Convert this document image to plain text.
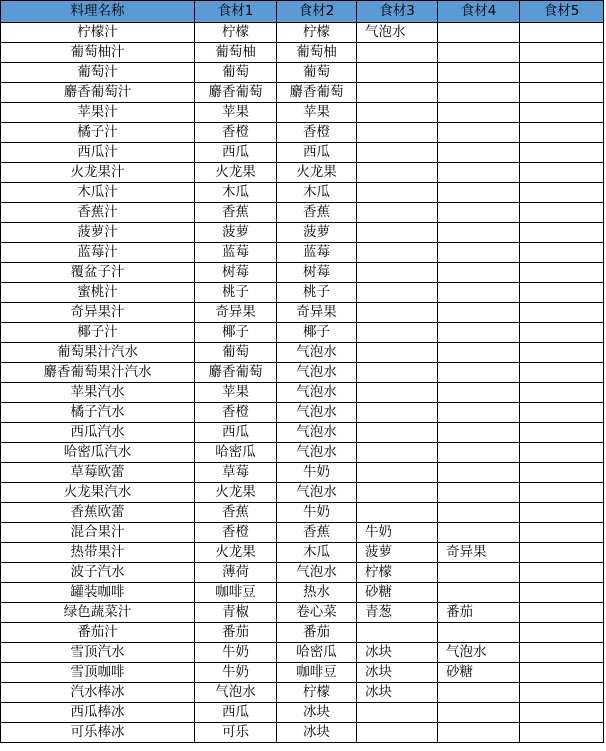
料理名称	食材1	食材2	食材3	食材4	食材5
柠檬汁	柠檬	柠檬	气泡水		
葡萄柚汁	葡萄柚	葡萄柚			
葡萄汁	葡萄	葡萄			
麝香葡萄汁	麝香葡萄	麝香葡萄			
苹果汁	苹果	苹果			
橘子汁	香橙	香橙			
西瓜汁	西瓜	西瓜			
火龙果汁	火龙果	火龙果			
木瓜汁	木瓜	木瓜			
香蕉汁	香蕉	香蕉			
菠萝汁	菠萝	菠萝			
蓝莓汁	蓝莓	蓝莓			
覆盆子汁	树莓	树莓			
蜜桃汁	桃子	桃子			
奇异果汁	奇异果	奇异果			
椰子汁	椰子	椰子			
葡萄果汁汽水	葡萄	气泡水			
麝香葡萄果汁汽水	麝香葡萄	气泡水			
苹果汽水	苹果	气泡水			
橘子汽水	香橙	气泡水			
西瓜汽水	西瓜	气泡水			
哈密瓜汽水	哈密瓜	气泡水			
草莓欧蕾	草莓	牛奶			
火龙果汽水	火龙果	气泡水			
香蕉欧蕾	香蕉	牛奶			
混合果汁	香橙	香蕉	牛奶		
热带果汁	火龙果	木瓜	菠萝	奇异果	
波子汽水	薄荷	气泡水	柠檬		
罐装咖啡	咖啡豆	热水	砂糖		
绿色蔬菜汁	青椒	卷心菜	青葱	番茄	
番茄汁	番茄	番茄			
雪顶汽水	牛奶	哈密瓜	冰块	气泡水	
雪顶咖啡	牛奶	咖啡豆	冰块	砂糖	
汽水棒冰	气泡水	柠檬	冰块		
西瓜棒冰	西瓜	冰块			
可乐棒冰	可乐	冰块			
